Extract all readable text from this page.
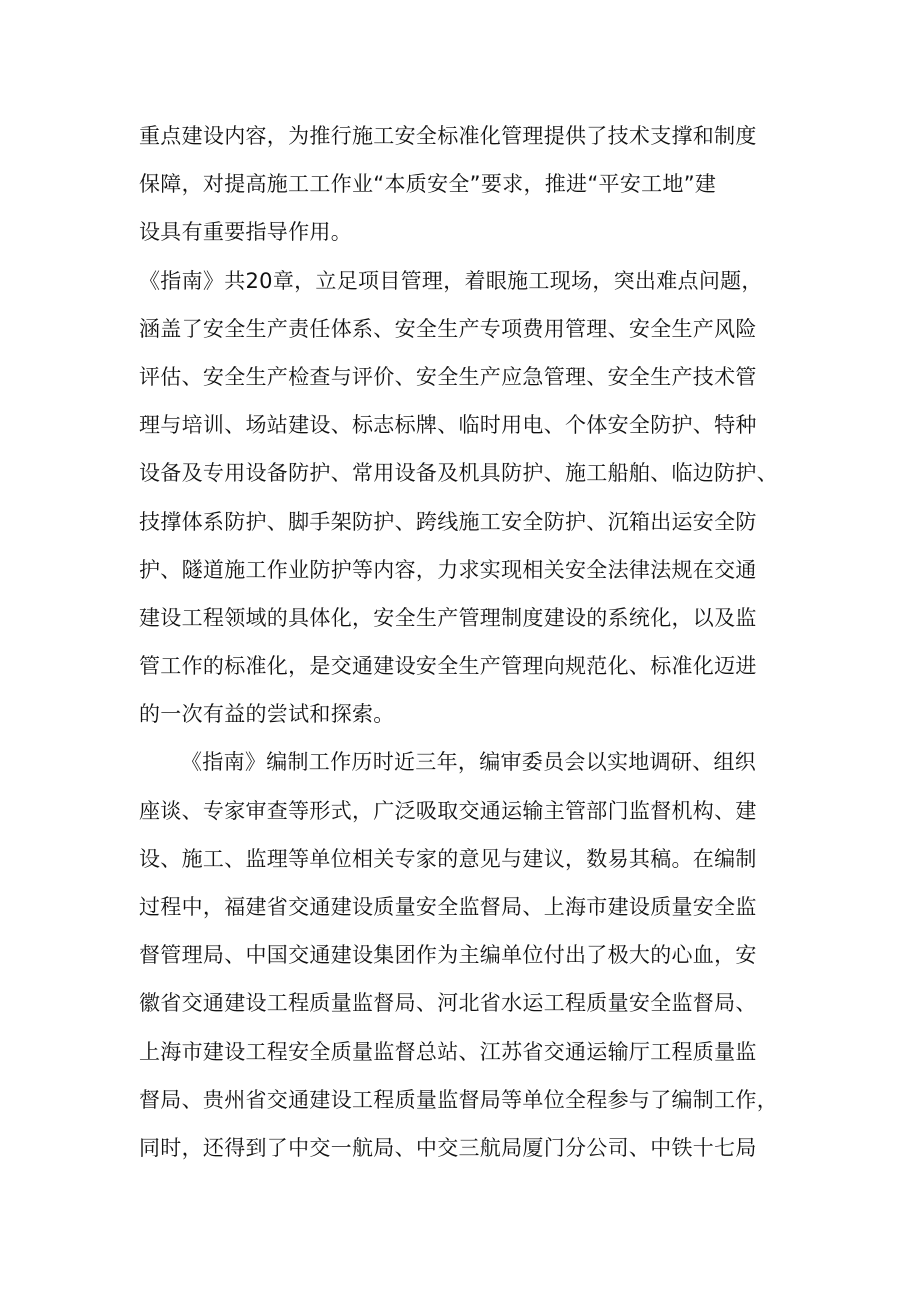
重点建设内容，为推行施工安全标准化管理提供了技术支撑和制度
保障，对提高施工工作业“本质安全”要求，推进“平安工地”建
设具有重要指导作用。
《指南》共20章，立足项目管理，着眼施工现场，突出难点问题，
涵盖了安全生产责任体系、安全生产专项费用管理、安全生产风险
评估、安全生产检查与评价、安全生产应急管理、安全生产技术管
理与培训、场站建设、标志标牌、临时用电、个体安全防护、特种
设备及专用设备防护、常用设备及机具防护、施工船舶、临边防护、
技撑体系防护、脚手架防护、跨线施工安全防护、沉箱出运安全防
护、隧道施工作业防护等内容，力求实现相关安全法律法规在交通
建设工程领域的具体化，安全生产管理制度建设的系统化，以及监
管工作的标准化，是交通建设安全生产管理向规范化、标准化迈进
的一次有益的尝试和探索。
《指南》编制工作历时近三年，编审委员会以实地调研、组织
座谈、专家审查等形式，广泛吸取交通运输主管部门监督机构、建
设、施工、监理等单位相关专家的意见与建议，数易其稿。在编制
过程中，福建省交通建设质量安全监督局、上海市建设质量安全监
督管理局、中国交通建设集团作为主编单位付出了极大的心血，安
徽省交通建设工程质量监督局、河北省水运工程质量安全监督局、
上海市建设工程安全质量监督总站、江苏省交通运输厅工程质量监
督局、贵州省交通建设工程质量监督局等单位全程参与了编制工作，
同时，还得到了中交一航局、中交三航局厦门分公司、中铁十七局
